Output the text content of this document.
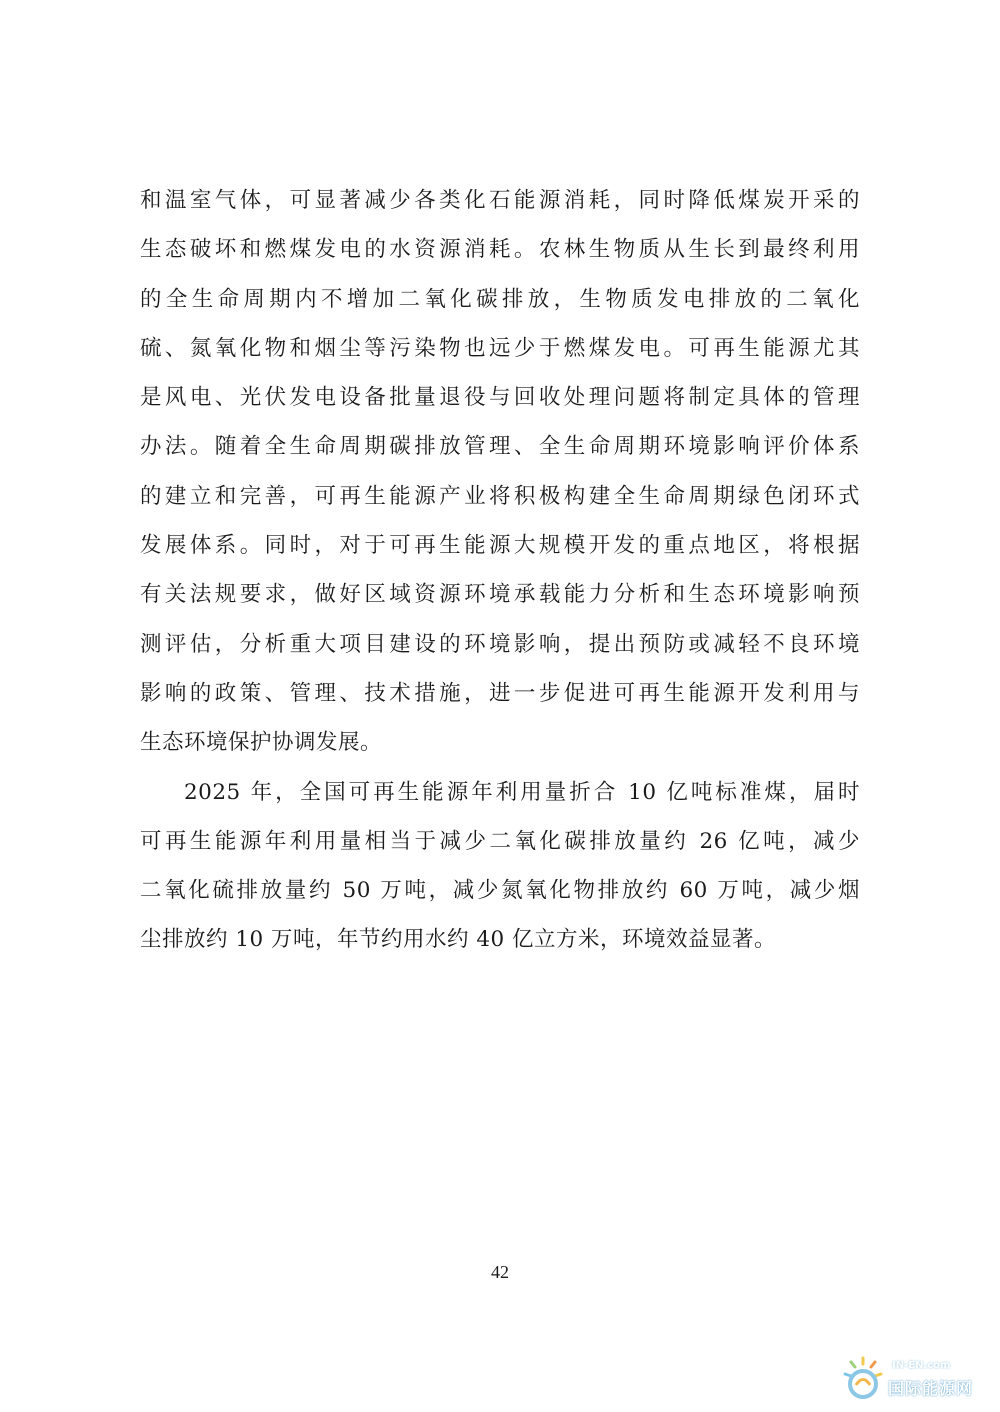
和温室气体，可显著减少各类化石能源消耗，同时降低煤炭开采的
生态破坏和燃煤发电的水资源消耗。农林生物质从生长到最终利用
的全生命周期内不增加二氧化碳排放，生物质发电排放的二氧化
硫、氮氧化物和烟尘等污染物也远少于燃煤发电。可再生能源尤其
是风电、光伏发电设备批量退役与回收处理问题将制定具体的管理
办法。随着全生命周期碳排放管理、全生命周期环境影响评价体系
的建立和完善，可再生能源产业将积极构建全生命周期绿色闭环式
发展体系。同时，对于可再生能源大规模开发的重点地区，将根据
有关法规要求，做好区域资源环境承载能力分析和生态环境影响预
测评估，分析重大项目建设的环境影响，提出预防或减轻不良环境
影响的政策、管理、技术措施，进一步促进可再生能源开发利用与
生态环境保护协调发展。
2025 年，全国可再生能源年利用量折合 10 亿吨标准煤，届时
可再生能源年利用量相当于减少二氧化碳排放量约 26 亿吨，减少
二氧化硫排放量约 50 万吨，减少氮氧化物排放约 60 万吨，减少烟
尘排放约 10 万吨，年节约用水约 40 亿立方米，环境效益显著。
42
IN-EN.com
国际能源网
